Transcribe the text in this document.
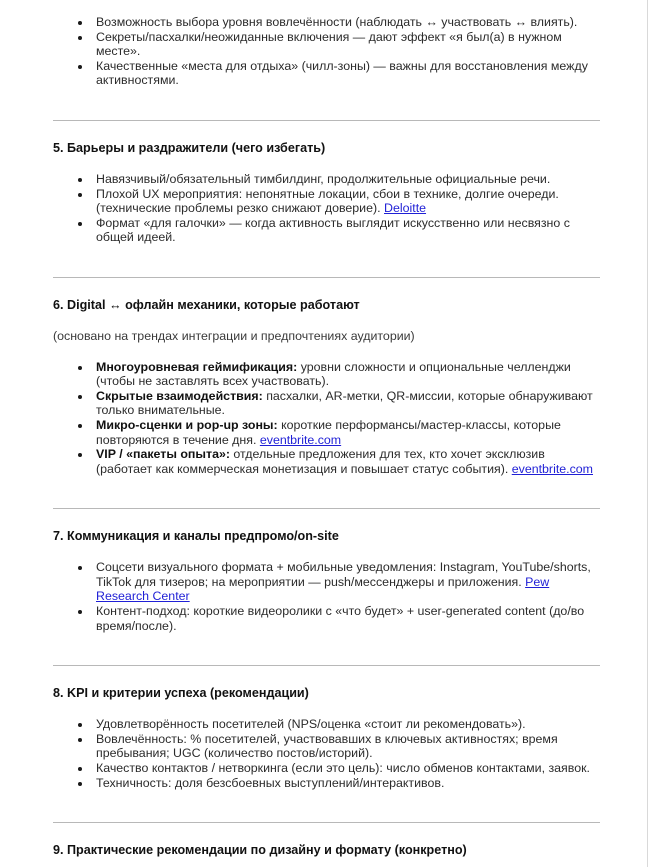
Возможность выбора уровня вовлечённости (наблюдать ↔ участвовать ↔ влиять).
Секреты/пасхалки/неожиданные включения — дают эффект «я был(а) в нужном месте».
Качественные «места для отдыха» (чилл-зоны) — важны для восстановления между активностями.
5. Барьеры и раздражители (чего избегать)
Навязчивый/обязательный тимбилдинг, продолжительные официальные речи.
Плохой UX мероприятия: непонятные локации, сбои в технике, долгие очереди. (технические проблемы резко снижают доверие). Deloitte
Формат «для галочки» — когда активность выглядит искусственно или несвязно с общей идеей.
6. Digital ↔ офлайн механики, которые работают

(основано на трендах интеграции и предпочтениях аудитории)

Многоуровневая геймификация: уровни сложности и опциональные челленджи (чтобы не заставлять всех участвовать).
Скрытые взаимодействия: пасхалки, AR-метки, QR-миссии, которые обнаруживают только внимательные.
Микро-сценки и pop-up зоны: короткие перформансы/мастер-классы, которые повторяются в течение дня. eventbrite.com
VIP / «пакеты опыта»: отдельные предложения для тех, кто хочет эксклюзив (работает как коммерческая монетизация и повышает статус события). eventbrite.com
7. Коммуникация и каналы предпромо/on-site
Соцсети визуального формата + мобильные уведомления: Instagram, YouTube/shorts, TikTok для тизеров; на мероприятии — push/мессенджеры и приложения. Pew Research Center
Контент-подход: короткие видеоролики с «что будет» + user-generated content (до/во время/после).
8. KPI и критерии успеха (рекомендации)
Удовлетворённость посетителей (NPS/оценка «стоит ли рекомендовать»).
Вовлечённость: % посетителей, участвовавших в ключевых активностях; время пребывания; UGC (количество постов/историй).
Качество контактов / нетворкинга (если это цель): число обменов контактами, заявок.
Техничность: доля безсбоевных выступлений/интерактивов.
9. Практические рекомендации по дизайну и формату (конкретно)
